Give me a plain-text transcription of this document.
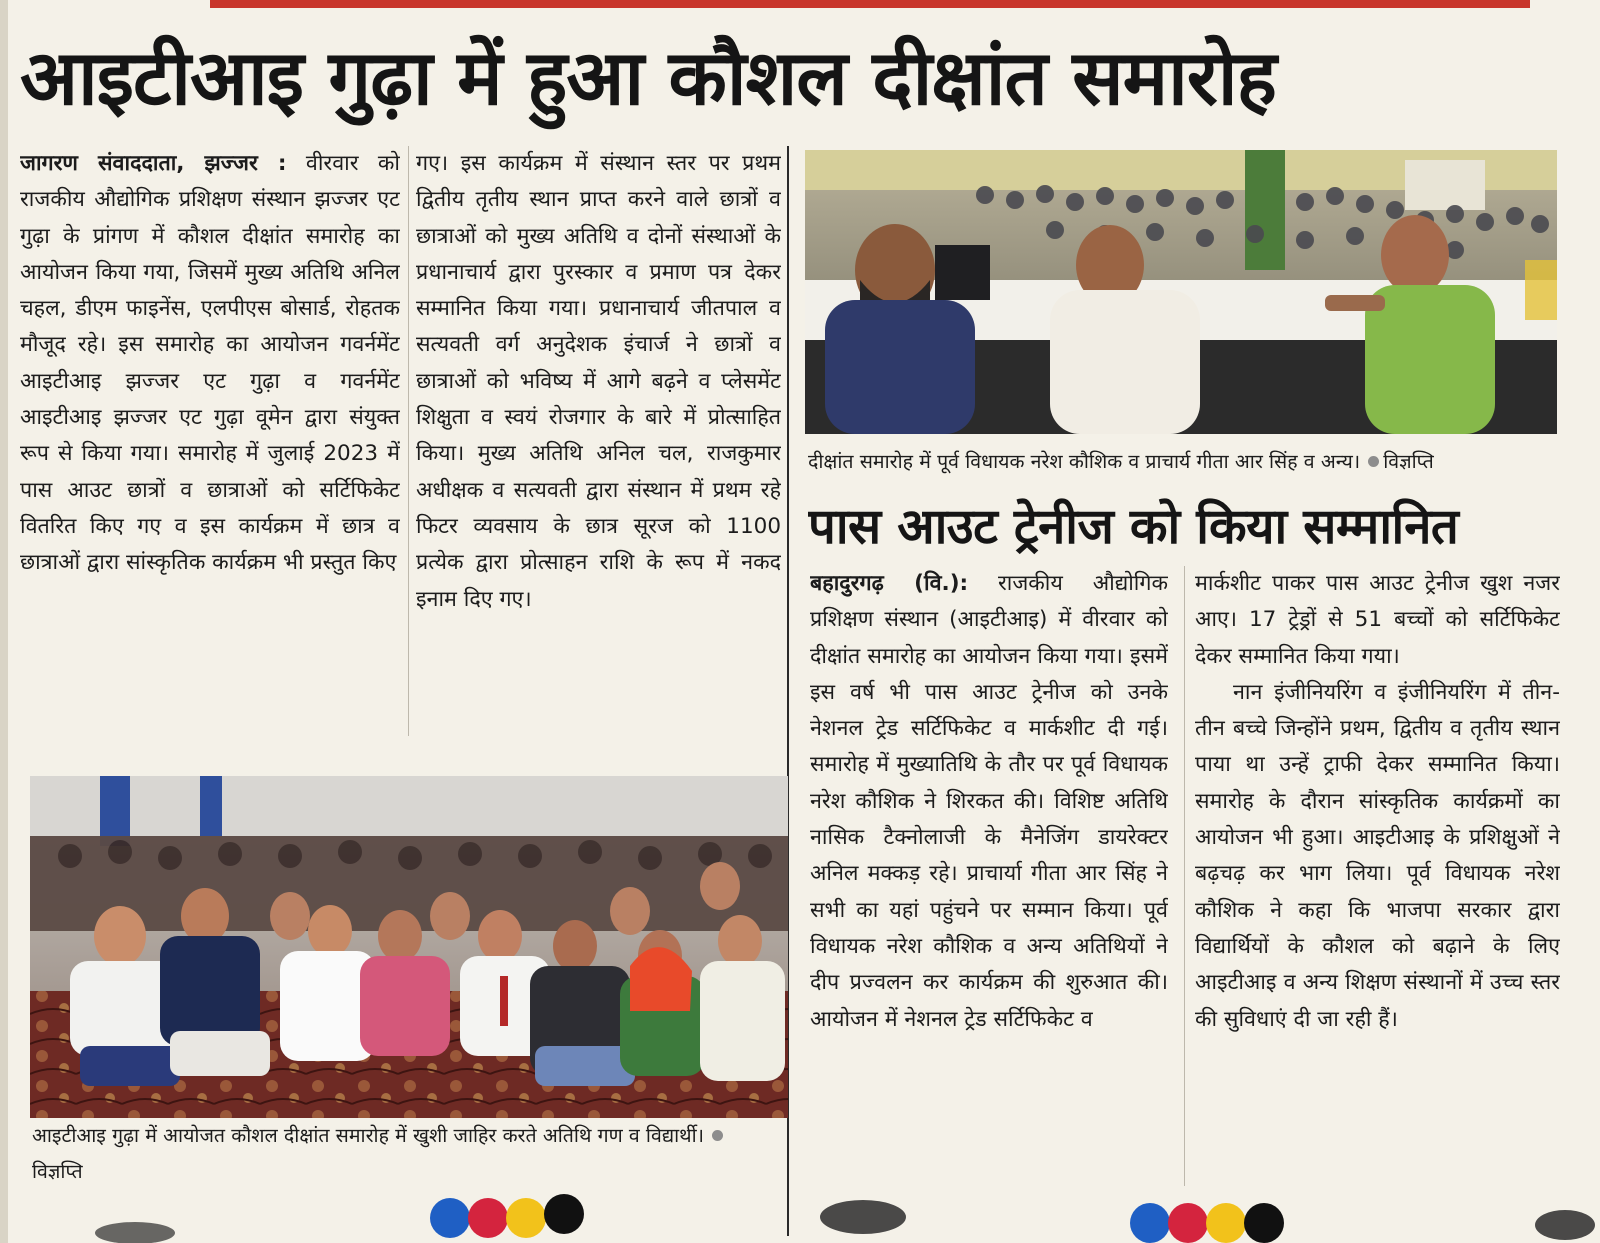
आइटीआइ गुढ़ा में हुआ कौशल दीक्षांत समारोह

जागरण संवाददाता, झज्जर : वीरवार को राजकीय औद्योगिक प्रशिक्षण संस्थान झज्जर एट गुढ़ा के प्रांगण में कौशल दीक्षांत समारोह का आयोजन किया गया, जिसमें मुख्य अतिथि अनिल चहल, डीएम फाइनेंस, एलपीएस बोसार्ड, रोहतक मौजूद रहे। इस समारोह का आयोजन गवर्नमेंट आइटीआइ झज्जर एट गुढ़ा व गवर्नमेंट आइटीआइ झज्जर एट गुढ़ा वूमेन द्वारा संयुक्त रूप से किया गया। समारोह में जुलाई 2023 में पास आउट छात्रों व छात्राओं को सर्टिफिकेट वितरित किए गए व इस कार्यक्रम में छात्र व छात्राओं द्वारा सांस्कृतिक कार्यक्रम भी प्रस्तुत किए

गए। इस कार्यक्रम में संस्थान स्तर पर प्रथम द्वितीय तृतीय स्थान प्राप्त करने वाले छात्रों व छात्राओं को मुख्य अतिथि व दोनों संस्थाओं के प्रधानाचार्य द्वारा पुरस्कार व प्रमाण पत्र देकर सम्मानित किया गया। प्रधानाचार्य जीतपाल व सत्यवती वर्ग अनुदेशक इंचार्ज ने छात्रों व छात्राओं को भविष्य में आगे बढ़ने व प्लेसमेंट शिक्षुता व स्वयं रोजगार के बारे में प्रोत्साहित किया। मुख्य अतिथि अनिल चल, राजकुमार अधीक्षक व सत्यवती द्वारा संस्थान में प्रथम रहे फिटर व्यवसाय के छात्र सूरज को 1100 प्रत्येक द्वारा प्रोत्साहन राशि के रूप में नकद इनाम दिए गए।

आइटीआइ गुढ़ा में आयोजत कौशल दीक्षांत समारोह में खुशी जाहिर करते अतिथि गण व विद्यार्थी।विज्ञप्ति
दीक्षांत समारोह में पूर्व विधायक नरेश कौशिक व प्राचार्य गीता आर सिंह व अन्य। विज्ञप्ति
पास आउट ट्रेनीज को किया सम्मानित

बहादुरगढ़ (वि.): राजकीय औद्योगिक प्रशिक्षण संस्थान (आइटीआइ) में वीरवार को दीक्षांत समारोह का आयोजन किया गया। इसमें इस वर्ष भी पास आउट ट्रेनीज को उनके नेशनल ट्रेड सर्टिफिकेट व मार्कशीट दी गई। समारोह में मुख्यातिथि के तौर पर पूर्व विधायक नरेश कौशिक ने शिरकत की। विशिष्ट अतिथि नासिक टैक्नोलाजी के मैनेजिंग डायरेक्टर अनिल मक्कड़ रहे। प्राचार्या गीता आर सिंह ने सभी का यहां पहुंचने पर सम्मान किया। पूर्व विधायक नरेश कौशिक व अन्य अतिथियों ने दीप प्रज्वलन कर कार्यक्रम की शुरुआत की। आयोजन में नेशनल ट्रेड सर्टिफिकेट व

मार्कशीट पाकर पास आउट ट्रेनीज खुश नजर आए। 17 ट्रेड्रों से 51 बच्चों को सर्टिफिकेट देकर सम्मानित किया गया।

नान इंजीनियरिंग व इंजीनियरिंग में तीन-तीन बच्चे जिन्होंने प्रथम, द्वितीय व तृतीय स्थान पाया था उन्हें ट्राफी देकर सम्मानित किया। समारोह के दौरान सांस्कृतिक कार्यक्रमों का आयोजन भी हुआ। आइटीआइ के प्रशिक्षुओं ने बढ़चढ़ कर भाग लिया। पूर्व विधायक नरेश कौशिक ने कहा कि भाजपा सरकार द्वारा विद्यार्थियों के कौशल को बढ़ाने के लिए आइटीआइ व अन्य शिक्षण संस्थानों में उच्च स्तर की सुविधाएं दी जा रही हैं।
